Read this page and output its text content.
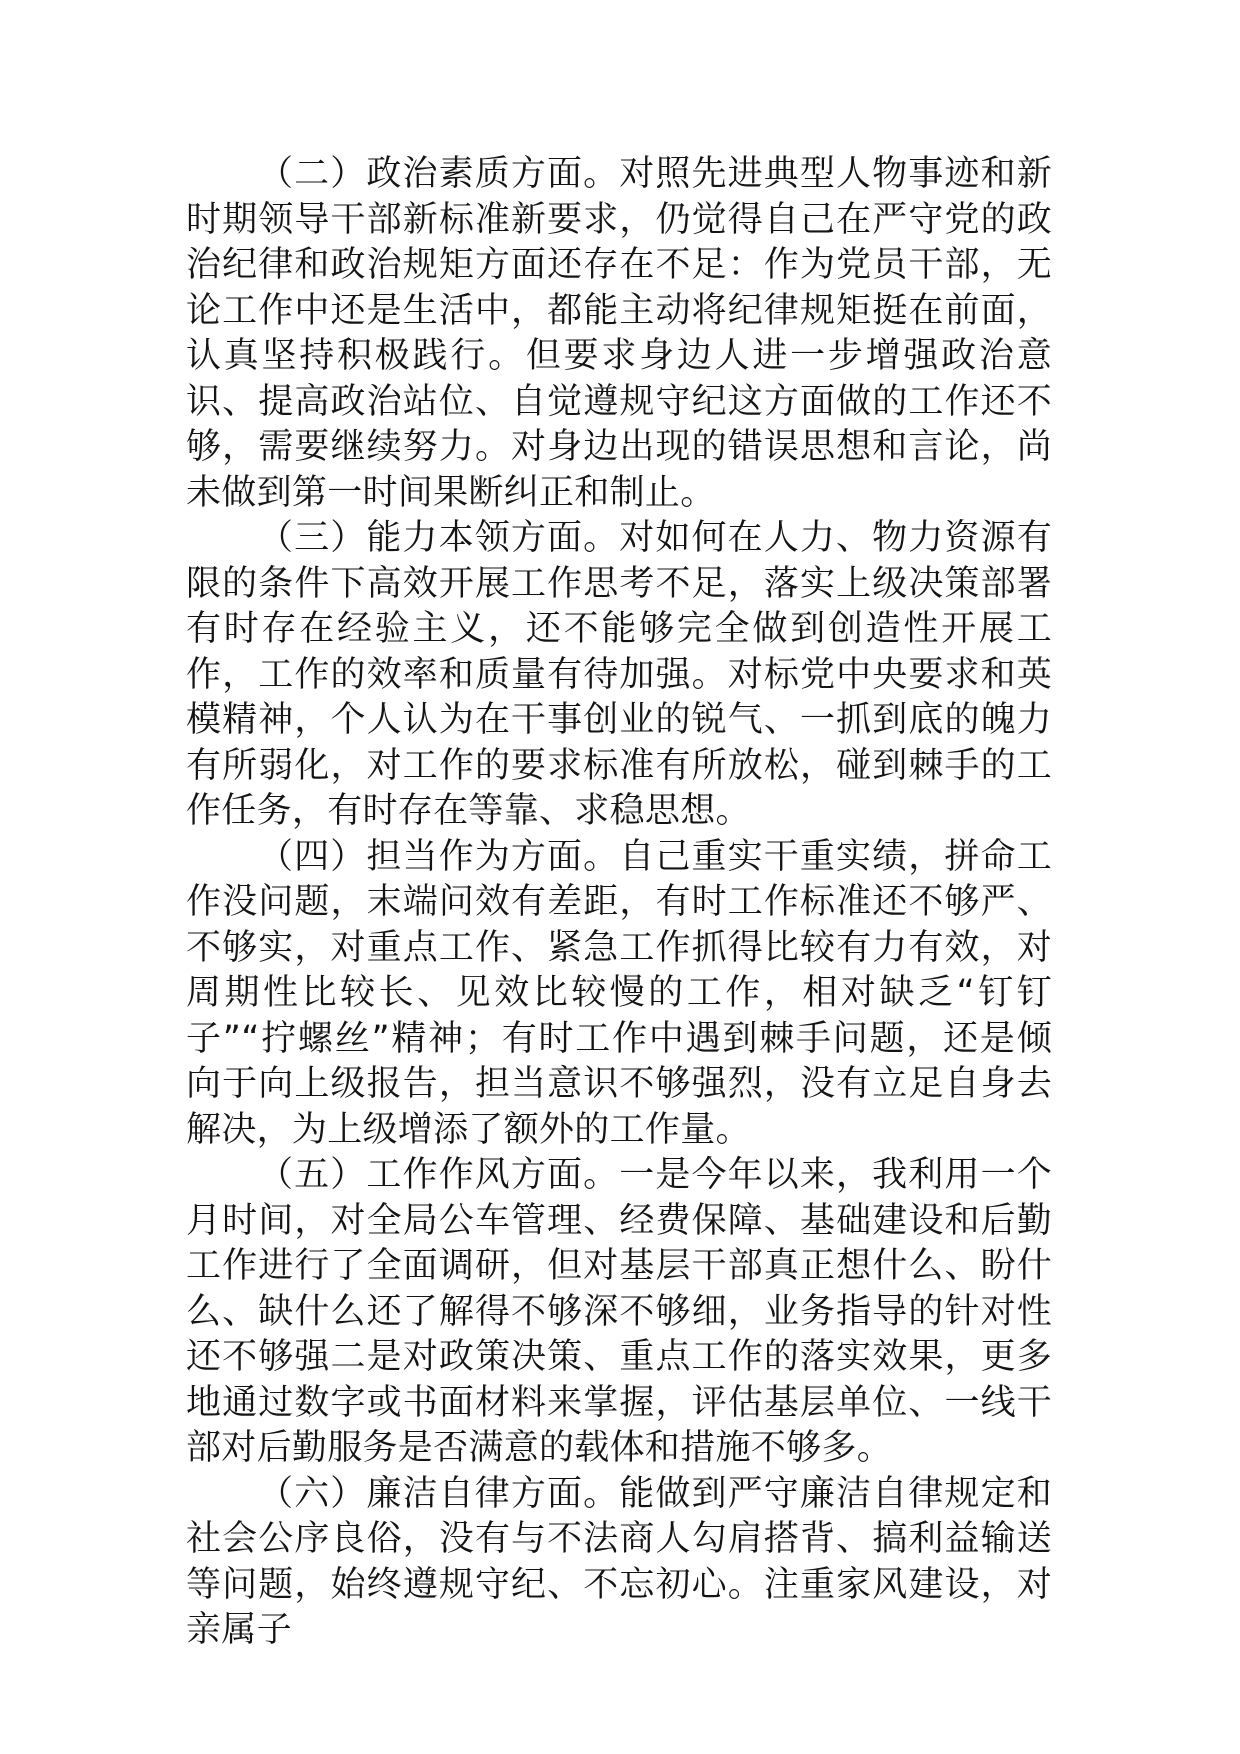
（二）政治素质方面。对照先进典型人物事迹和新时期领导干部新标准新要求，仍觉得自己在严守党的政治纪律和政治规矩方面还存在不足：作为党员干部，无论工作中还是生活中，都能主动将纪律规矩挺在前面，认真坚持积极践行。但要求身边人进一步增强政治意识、提高政治站位、自觉遵规守纪这方面做的工作还不够，需要继续努力。对身边出现的错误思想和言论，尚未做到第一时间果断纠正和制止。

（三）能力本领方面。对如何在人力、物力资源有限的条件下高效开展工作思考不足，落实上级决策部署有时存在经验主义，还不能够完全做到创造性开展工作，工作的效率和质量有待加强。对标党中央要求和英模精神，个人认为在干事创业的锐气、一抓到底的魄力有所弱化，对工作的要求标准有所放松，碰到棘手的工作任务，有时存在等靠、求稳思想。

（四）担当作为方面。自己重实干重实绩，拼命工作没问题，末端问效有差距，有时工作标准还不够严、不够实，对重点工作、紧急工作抓得比较有力有效，对周期性比较长、见效比较慢的工作，相对缺乏“钉钉子”“拧螺丝”精神；有时工作中遇到棘手问题，还是倾向于向上级报告，担当意识不够强烈，没有立足自身去解决，为上级增添了额外的工作量。

（五）工作作风方面。一是今年以来，我利用一个月时间，对全局公车管理、经费保障、基础建设和后勤工作进行了全面调研，但对基层干部真正想什么、盼什么、缺什么还了解得不够深不够细，业务指导的针对性还不够强二是对政策决策、重点工作的落实效果，更多地通过数字或书面材料来掌握，评估基层单位、一线干部对后勤服务是否满意的载体和措施不够多。

（六）廉洁自律方面。能做到严守廉洁自律规定和社会公序良俗，没有与不法商人勾肩搭背、搞利益输送等问题，始终遵规守纪、不忘初心。注重家风建设，对亲属子
